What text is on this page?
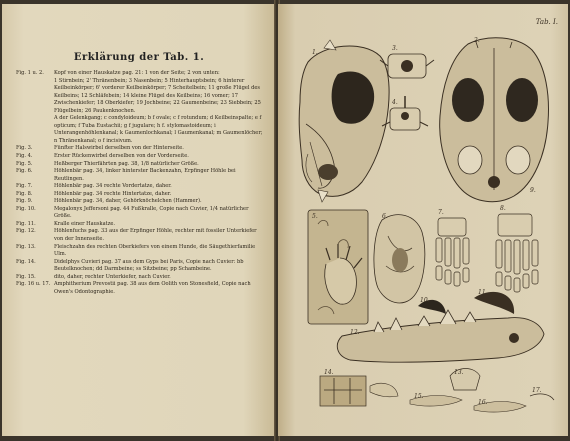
Erklärung der Tab. 1.
Fig. 1 u. 2.	Kopf von einer Hauskatze pag. 21: 1 von der Seite; 2 von unten:
1 Stirnbein; 2' Thränenbein; 3 Nasenbein; 5 Hinterhauptsbein; 6 hinterer Keilbeinkörper; 6' vorderer Keilbeinkörper; 7 Scheitelbein; 11 große Flügel des Keilbeins; 12 Schläfebein; 14 kleine Flügel des Keilbeins; 16 vomer; 17 Zwischenkiefer; 18 Oberkiefer; 19 Jochbeine; 22 Gaumenbeine; 23 Siebbein; 25 Flügelbein; 26 Paukenknochen.
A der Gelenkgang; c condyloideum; b f ovale; c f rotundum; d Keilbeinspalte; e f opticum; f Tuba Eustachii; g f jugulare; h f. stylomastoideum; i Unterangenhöhlenkanal; k Gaumenlochkanal; l Gaumenkanal; m Gaumenlöcher; n Thränenkanal; o f incisivum.
Fig. 3.	Fünfter Halswirbel derselben von der Hinterseite.
Fig. 4.	Erster Rückenwirbel derselben von der Vorderseite.
Fig. 5.	Heßberger Thierfährten pag. 38, 1/8 natürlicher Größe.
Fig. 6.	Höhlenbär pag. 34, linker hinterster Backenzahn, Erpfinger Höhle bei Reutlingen.
Fig. 7.	Höhlenbär pag. 34 rechte Vordertatze, daher.
Fig. 8.	Höhlenbär pag. 34 rechte Hintertatze, daher.
Fig. 9.	Höhlenbär pag. 34, daher, Gehörknöchelchen (Hammer).
Fig. 10.	Megalonyx Jeffersoni pag. 44 Fußkralle, Copie nach Cuvier, 1/4 natürlicher Größe.
Fig. 11.	Kralle einer Hauskatze.
Fig. 12.	Höhlenfuchs pag. 33 aus der Erpfinger Höhle, rechter mit fossiler Unterkiefer von der Innenseite.
Fig. 13.	Fleischzahn des rechten Oberkiefers von einem Hunde, die Säugethierfamilie Ulm.
Fig. 14.	Didelphys Cuvieri pag. 37 aus dem Gyps bei Paris, Copie nach Cuvier: bb Beutelknochen; dd Darmbeine; ss Sitzbeine; pp Schambeine.
Fig. 15.	dito, daher, rechter Unterkiefer, nach Cuvier.
Fig. 16 u. 17. Amphitherium Prevostii pag. 38 aus dem Oolith von Stonesfield, Copie nach Owen's Odontographie.
Tab. I.
1.
2.
3.
4.
5.	6.
7.
8.
9.
10.
11.
12.
13.
14.
15.
16.
17.
